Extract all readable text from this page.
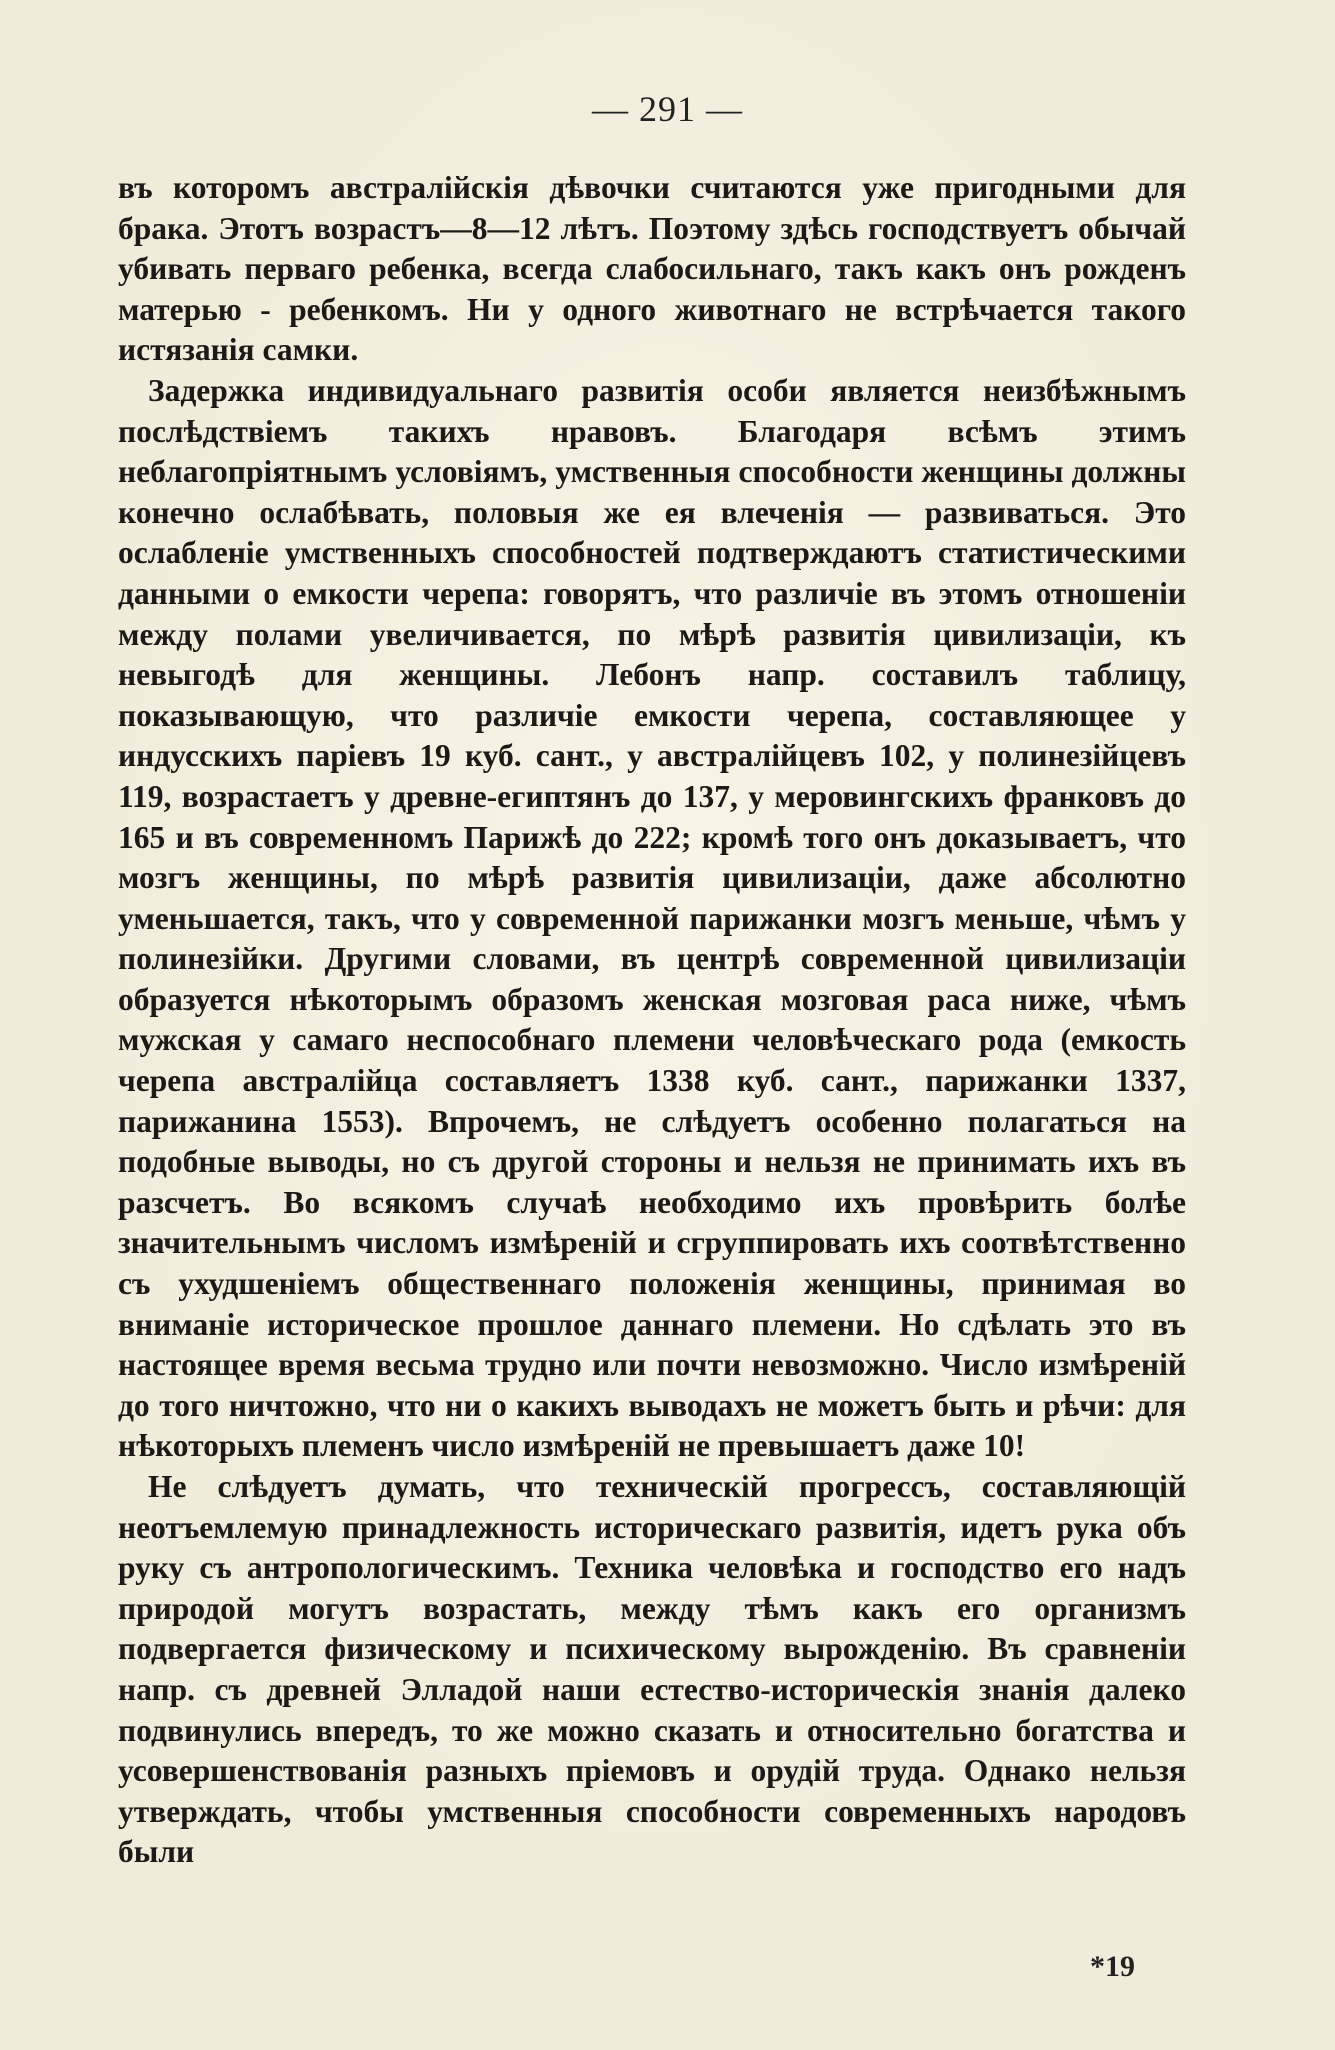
— 291 —

въ которомъ австралійскія дѣвочки считаются уже пригодными для брака. Этотъ возрастъ—8—12 лѣтъ. Поэтому здѣсь господствуетъ обычай убивать перваго ребенка, всегда слабосильнаго, такъ какъ онъ рожденъ матерью - ребенкомъ. Ни у одного животнаго не встрѣчается такого истязанія самки.

Задержка индивидуальнаго развитія особи является неизбѣжнымъ послѣдствіемъ такихъ нравовъ. Благодаря всѣмъ этимъ неблагопріятнымъ условіямъ, умственныя способности женщины должны конечно ослабѣвать, половыя же ея влеченія — развиваться. Это ослабленіе умственныхъ способностей подтверждаютъ статистическими данными о емкости черепа: говорятъ, что различіе въ этомъ отношеніи между полами увеличивается, по мѣрѣ развитія цивилизаціи, къ невыгодѣ для женщины. Лебонъ напр. составилъ таблицу, показывающую, что различіе емкости черепа, составляющее у индусскихъ паріевъ 19 куб. сант., у австралійцевъ 102, у полинезійцевъ 119, возрастаетъ у древне-египтянъ до 137, у меровингскихъ франковъ до 165 и въ современномъ Парижѣ до 222; кромѣ того онъ доказываетъ, что мозгъ женщины, по мѣрѣ развитія цивилизаціи, даже абсолютно уменьшается, такъ, что у современной парижанки мозгъ меньше, чѣмъ у полинезійки. Другими словами, въ центрѣ современной цивилизаціи образуется нѣкоторымъ образомъ женская мозговая раса ниже, чѣмъ мужская у самаго неспособнаго племени человѣческаго рода (емкость черепа австралійца составляетъ 1338 куб. сант., парижанки 1337, парижанина 1553). Впрочемъ, не слѣдуетъ особенно полагаться на подобные выводы, но съ другой стороны и нельзя не принимать ихъ въ разсчетъ. Во всякомъ случаѣ необходимо ихъ провѣрить болѣе значительнымъ числомъ измѣреній и сгруппировать ихъ соотвѣтственно съ ухудшеніемъ общественнаго положенія женщины, принимая во вниманіе историческое прошлое даннаго племени. Но сдѣлать это въ настоящее время весьма трудно или почти невозможно. Число измѣреній до того ничтожно, что ни о какихъ выводахъ не можетъ быть и рѣчи: для нѣкоторыхъ племенъ число измѣреній не превышаетъ даже 10!

Не слѣдуетъ думать, что техническій прогрессъ, составляющій неотъемлемую принадлежность историческаго развитія, идетъ рука объ руку съ антропологическимъ. Техника человѣка и господство его надъ природой могутъ возрастать, между тѣмъ какъ его организмъ подвергается физическому и психическому вырожденію. Въ сравненіи напр. съ древней Элладой наши естество-историческія знанія далеко подвинулись впередъ, то же можно сказать и относительно богатства и усовершенствованія разныхъ пріемовъ и орудій труда. Однако нельзя утверждать, чтобы умственныя способности современныхъ народовъ были

*19
